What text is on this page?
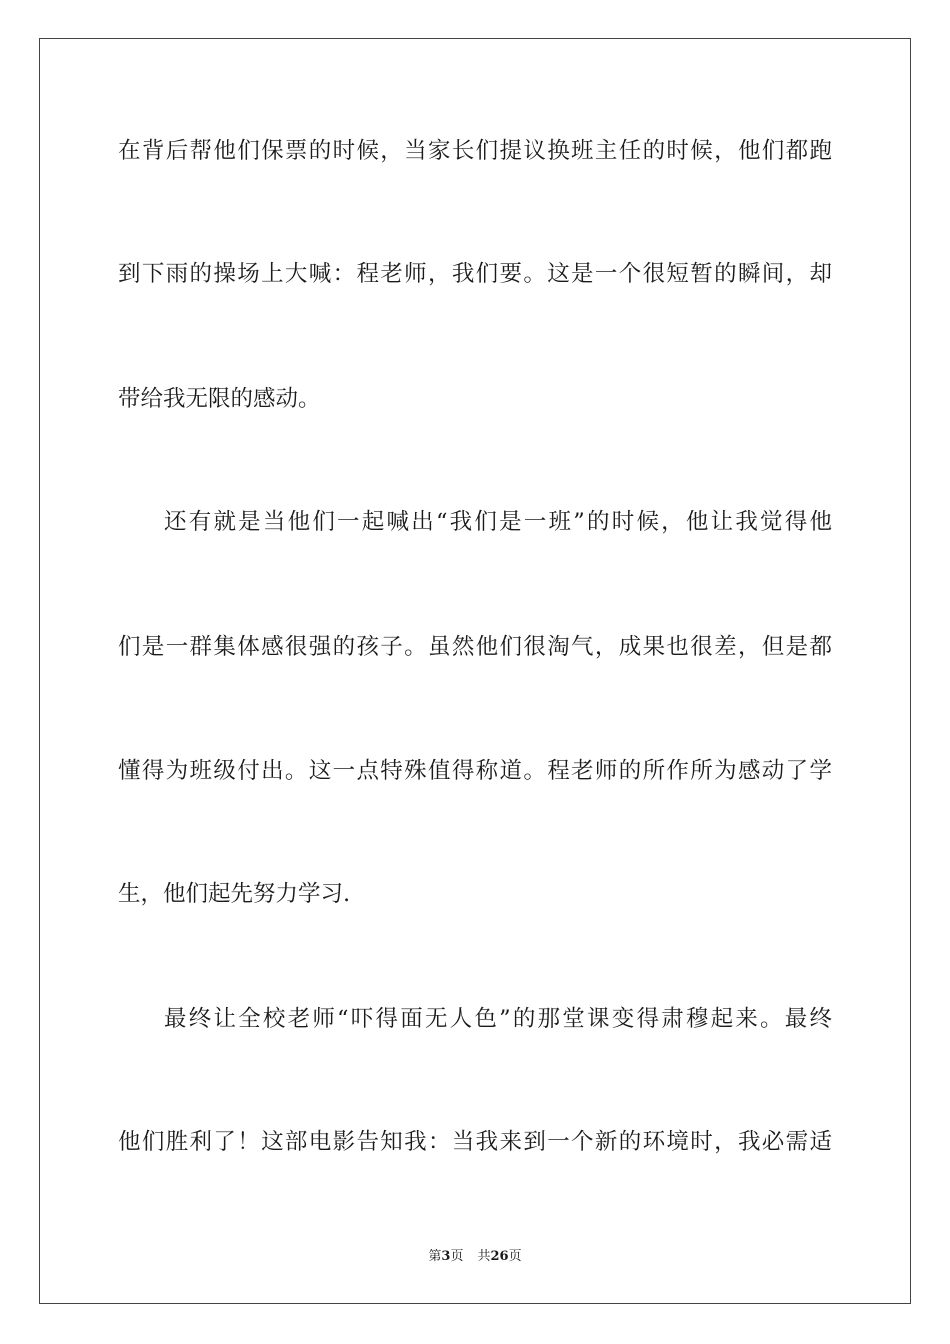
在背后帮他们保票的时候，当家长们提议换班主任的时候，他们都跑
到下雨的操场上大喊：程老师，我们要。这是一个很短暂的瞬间，却
带给我无限的感动。
还有就是当他们一起喊出“我们是一班”的时候，他让我觉得他
们是一群集体感很强的孩子。虽然他们很淘气，成果也很差，但是都
懂得为班级付出。这一点特殊值得称道。程老师的所作所为感动了学
生，他们起先努力学习.
最终让全校老师“吓得面无人色”的那堂课变得肃穆起来。最终
他们胜利了！这部电影告知我：当我来到一个新的环境时，我必需适
第3页 共26页
